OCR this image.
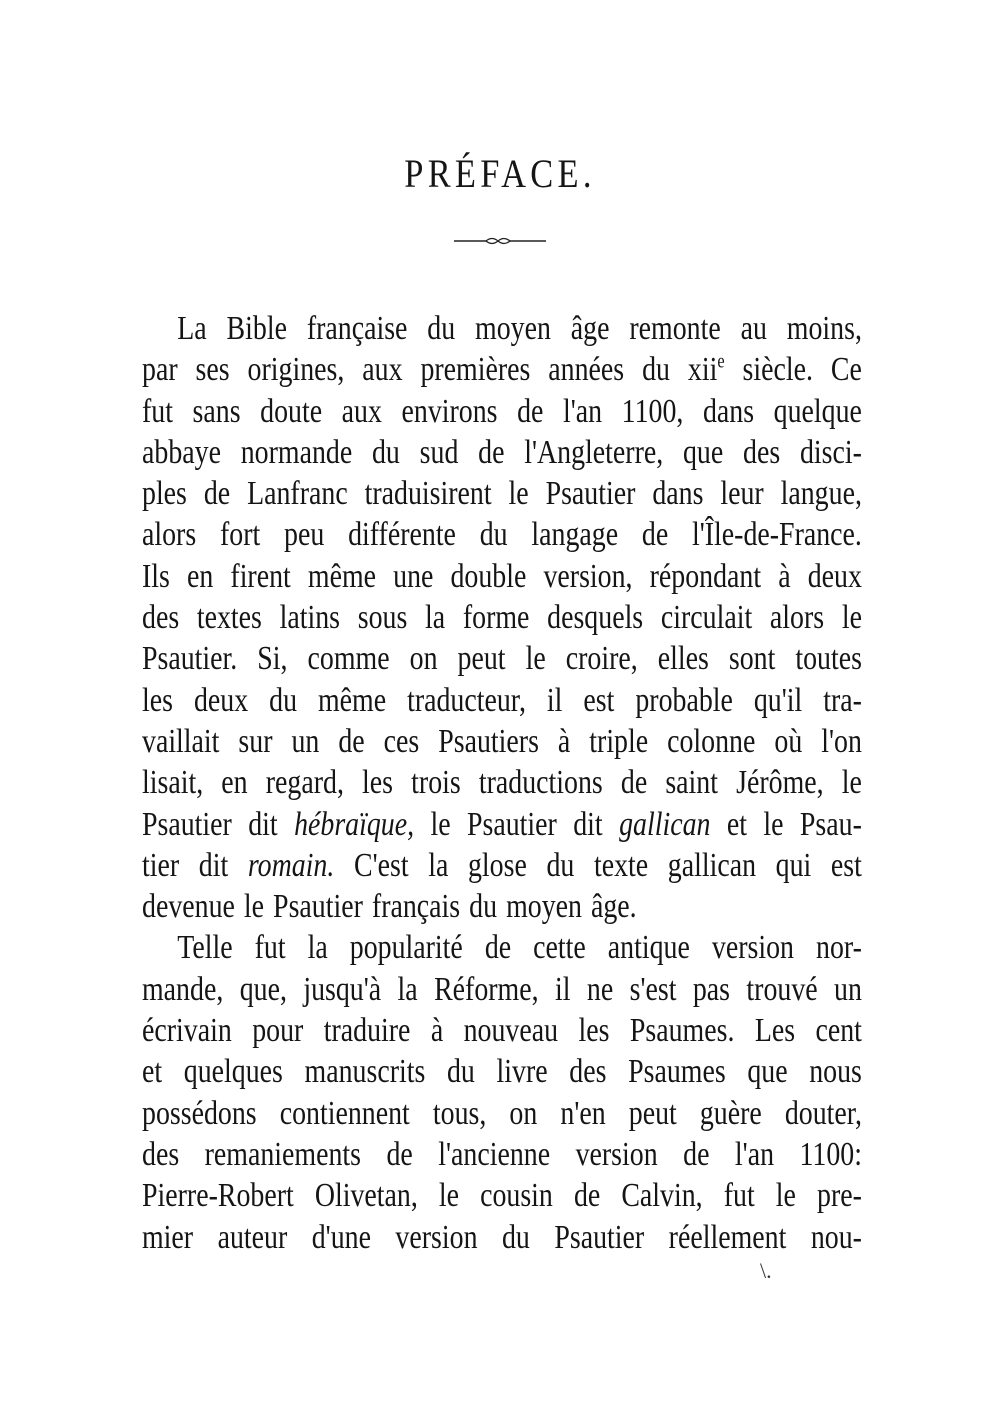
PRÉFACE.
La Bible française du moyen âge remonte au moins,
par ses origines, aux premières années du xii$^e$ siècle. Ce
fut sans doute aux environs de l'an 1100, dans quelque
abbaye normande du sud de l'Angleterre, que des disci-
ples de Lanfranc traduisirent le Psautier dans leur langue,
alors fort peu différente du langage de l'Île-de-France.
Ils en firent même une double version, répondant à deux
des textes latins sous la forme desquels circulait alors le
Psautier. Si, comme on peut le croire, elles sont toutes
les deux du même traducteur, il est probable qu'il tra-
vaillait sur un de ces Psautiers à triple colonne où l'on
lisait, en regard, les trois traductions de saint Jérôme, le
Psautier dit hébraïque, le Psautier dit gallican et le Psau-
tier dit romain. C'est la glose du texte gallican qui est
devenue le Psautier français du moyen âge.
Telle fut la popularité de cette antique version nor-
mande, que, jusqu'à la Réforme, il ne s'est pas trouvé un
écrivain pour traduire à nouveau les Psaumes. Les cent
et quelques manuscrits du livre des Psaumes que nous
possédons contiennent tous, on n'en peut guère douter,
des remaniements de l'ancienne version de l'an 1100:
Pierre-Robert Olivetan, le cousin de Calvin, fut le pre-
mier auteur d'une version du Psautier réellement nou-
\.
